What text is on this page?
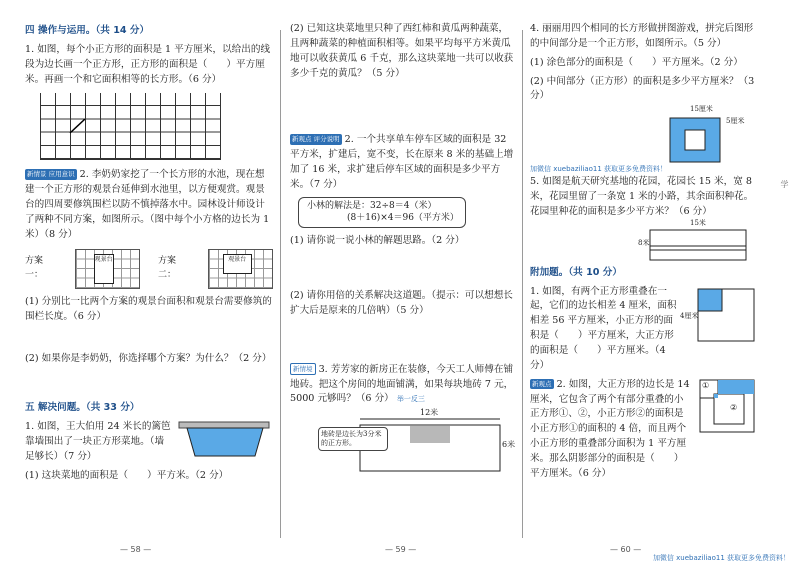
四 操作与运用。（共 14 分）
1. 如图，每个小正方形的面积是 1 平方厘米，以给出的线段为边长画一个正方形，正方形的面积是（　　）平方厘米。再画一个和它面积相等的长方形。（6 分）
新情景 应用意识 2. 李奶奶家挖了一个长方形的水池，现在想建一个正方形的观景台延伸到水池里，以方便观赏。观景台的四周要修筑围栏以防不慎掉落水中。园林设计师设计了两种不同方案，如图所示。（图中每个小方格的边长为 1 米）（8 分）
方案一：
观景台	方案二：
观景台
(1) 分别比一比两个方案的观景台面积和观景台需要修筑的围栏长度。（6 分）
(2) 如果你是李奶奶，你选择哪个方案？为什么？（2 分）
五 解决问题。（共 33 分）
1. 如图，王大伯用 24 米长的篱笆靠墙围出了一块正方形菜地。（墙足够长）（7 分）
(1) 这块菜地的面积是（　　）平方米。（2 分）
(2) 已知这块菜地里只种了西红柿和黄瓜两种蔬菜，且两种蔬菜的种植面积相等。如果平均每平方米黄瓜地可以收获黄瓜 6 千克，那么这块菜地一共可以收获多少千克的黄瓜？（5 分）
新观点 评分说明 2. 一个共享单车停车区域的面积是 32 平方米，扩建后，宽不变，长在原来 8 米的基础上增加了 16 米，求扩建后停车区域的面积是多少平方米。（7 分）
小林的解法是：32÷8＝4（米）
(8＋16)×4＝96（平方米）
(1) 请你说一说小林的解题思路。（2 分）
(2) 请你用倍的关系解决这道题。（提示：可以想想长扩大后是原来的几倍呐）（5 分）
新情境 3. 芳芳家的新房正在装修，今天工人师傅在铺地砖。把这个房间的地面铺满，如果每块地砖 7 元，5000 元够吗？（6 分） 举一反三
12米
6米
地砖是边长为3分米的正方形。
4. 丽丽用四个相同的长方形做拼图游戏，拼完后图形的中间部分是一个正方形，如图所示。（5 分）
(1) 涂色部分的面积是（　　）平方厘米。（2 分）
(2) 中间部分（正方形）的面积是多少平方厘米？（3 分）
15厘米
5厘米
加微信 xuebaziliao11 获取更多免费资料！
5. 如图是航天研究基地的花园，花园长 15 米，宽 8 米，花园里留了一条宽 1 米的小路，其余面积种花。花园里种花的面积是多少平方米？（6 分）
15米
8米
附加题。（共 10 分）
1. 如图，有两个正方形重叠在一起，它们的边长相差 4 厘米，面积相差 56 平方厘米，小正方形的面积是（　　）平方厘米，大正方形的面积是（　　）平方厘米。（4 分）
4厘米
新观点 2. 如图，大正方形的边长是 14 厘米，它包含了两个有部分重叠的小正方形①、②，小正方形②的面积是小正方形①的面积的 4 倍，而且两个小正方形的重叠部分面积为 1 平方厘米。那么阴影部分的面积是（　　）平方厘米。（6 分）
①
②
— 58 —	— 59 —	— 60 —
加微信 xuebaziliao11 获取更多免费资料！
学
